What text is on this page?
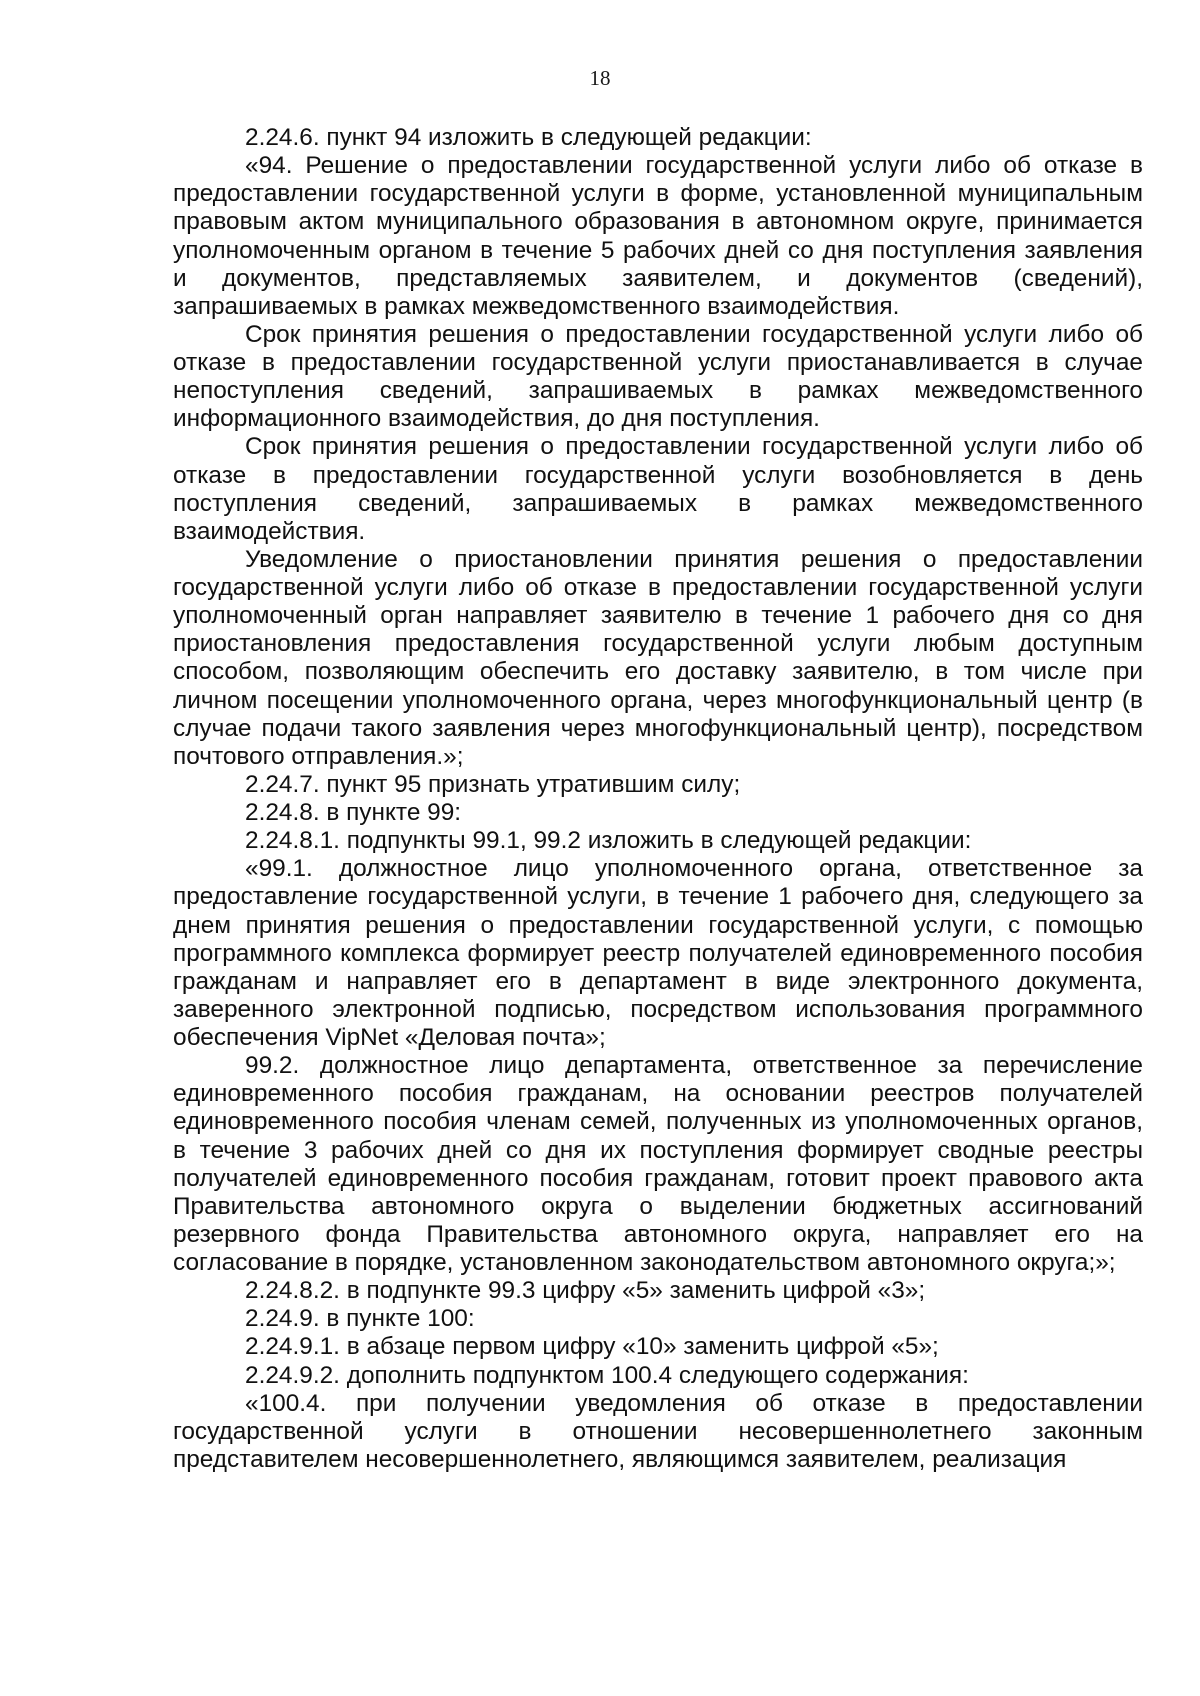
18

2.24.6. пункт 94 изложить в следующей редакции:

«94. Решение о предоставлении государственной услуги либо об отказе в предоставлении государственной услуги в форме, установленной муниципальным правовым актом муниципального образования в автономном округе, принимается уполномоченным органом в течение 5 рабочих дней со дня поступления заявления и документов, представляемых заявителем, и документов (сведений), запрашиваемых в рамках межведомственного взаимодействия.

Срок принятия решения о предоставлении государственной услуги либо об отказе в предоставлении государственной услуги приостанавливается в случае непоступления сведений, запрашиваемых в рамках межведомственного информационного взаимодействия, до дня поступления.

Срок принятия решения о предоставлении государственной услуги либо об отказе в предоставлении государственной услуги возобновляется в день поступления сведений, запрашиваемых в рамках межведомственного взаимодействия.

Уведомление о приостановлении принятия решения о предоставлении государственной услуги либо об отказе в предоставлении государственной услуги уполномоченный орган направляет заявителю в течение 1 рабочего дня со дня приостановления предоставления государственной услуги любым доступным способом, позволяющим обеспечить его доставку заявителю, в том числе при личном посещении уполномоченного органа, через многофункциональный центр (в случае подачи такого заявления через многофункциональный центр), посредством почтового отправления.»;

2.24.7. пункт 95 признать утратившим силу;

2.24.8. в пункте 99:

2.24.8.1. подпункты 99.1, 99.2 изложить в следующей редакции:

«99.1. должностное лицо уполномоченного органа, ответственное за предоставление государственной услуги, в течение 1 рабочего дня, следующего за днем принятия решения о предоставлении государственной услуги, с помощью программного комплекса формирует реестр получателей единовременного пособия гражданам и направляет его в департамент в виде электронного документа, заверенного электронной подписью, посредством использования программного обеспечения VipNet «Деловая почта»;

99.2. должностное лицо департамента, ответственное за перечисление единовременного пособия гражданам, на основании реестров получателей единовременного пособия членам семей, полученных из уполномоченных органов, в течение 3 рабочих дней со дня их поступления формирует сводные реестры получателей единовременного пособия гражданам, готовит проект правового акта Правительства автономного округа о выделении бюджетных ассигнований резервного фонда Правительства автономного округа, направляет его на согласование в порядке, установленном законодательством автономного округа;»;

2.24.8.2. в подпункте 99.3 цифру «5» заменить цифрой «3»;

2.24.9. в пункте 100:

2.24.9.1. в абзаце первом цифру «10» заменить цифрой «5»;

2.24.9.2. дополнить подпунктом 100.4 следующего содержания:

«100.4. при получении уведомления об отказе в предоставлении государственной услуги в отношении несовершеннолетнего законным представителем несовершеннолетнего, являющимся заявителем, реализация
